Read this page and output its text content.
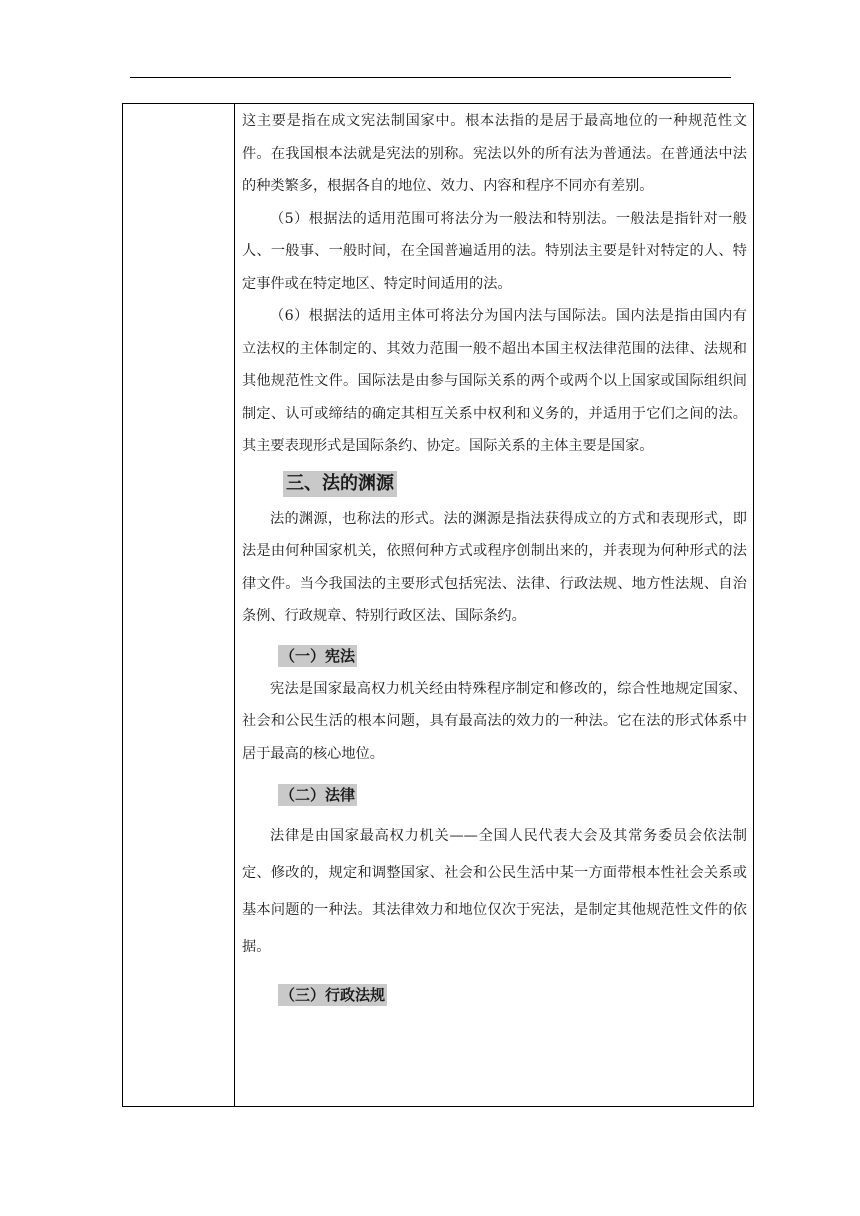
这主要是指在成文宪法制国家中。根本法指的是居于最高地位的一种规范性文件。在我国根本法就是宪法的别称。宪法以外的所有法为普通法。在普通法中法的种类繁多，根据各自的地位、效力、内容和程序不同亦有差别。

（5）根据法的适用范围可将法分为一般法和特别法。一般法是指针对一般人、一般事、一般时间，在全国普遍适用的法。特别法主要是针对特定的人、特定事件或在特定地区、特定时间适用的法。

（6）根据法的适用主体可将法分为国内法与国际法。国内法是指由国内有立法权的主体制定的、其效力范围一般不超出本国主权法律范围的法律、法规和其他规范性文件。国际法是由参与国际关系的两个或两个以上国家或国际组织间制定、认可或缔结的确定其相互关系中权利和义务的，并适用于它们之间的法。其主要表现形式是国际条约、协定。国际关系的主体主要是国家。

三、法的渊源

法的渊源，也称法的形式。法的渊源是指法获得成立的方式和表现形式，即法是由何种国家机关，依照何种方式或程序创制出来的，并表现为何种形式的法律文件。当今我国法的主要形式包括宪法、法律、行政法规、地方性法规、自治条例、行政规章、特别行政区法、国际条约。

（一）宪法

宪法是国家最高权力机关经由特殊程序制定和修改的，综合性地规定国家、社会和公民生活的根本问题，具有最高法的效力的一种法。它在法的形式体系中居于最高的核心地位。

（二）法律

法律是由国家最高权力机关——全国人民代表大会及其常务委员会依法制定、修改的，规定和调整国家、社会和公民生活中某一方面带根本性社会关系或基本问题的一种法。其法律效力和地位仅次于宪法，是制定其他规范性文件的依据。

（三）行政法规
